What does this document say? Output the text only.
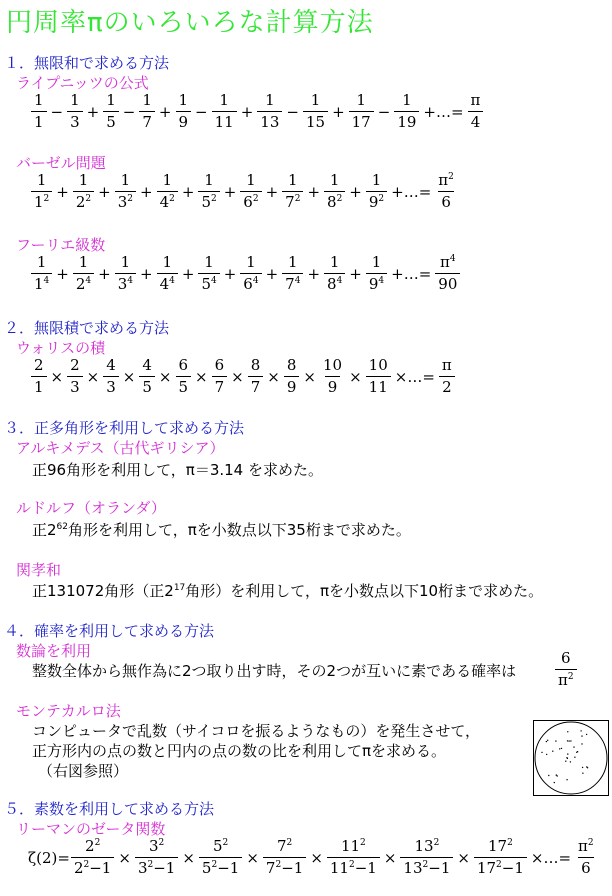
円周率πのいろいろな計算方法
１．無限和で求める方法
ライプニッツの公式
$\frac{1}{1} - \frac{1}{3} + \frac{1}{5} - \frac{1}{7} + \frac{1}{9} - \frac{1}{11} + \frac{1}{13} - \frac{1}{15} + \frac{1}{17} - \frac{1}{19}$ +…= $\frac{\pi}{4}$
バーゼル問題
$\frac{1}{1^2} + \frac{1}{2^2} + \frac{1}{3^2} + \frac{1}{4^2} + \frac{1}{5^2} + \frac{1}{6^2} + \frac{1}{7^2} + \frac{1}{8^2} + \frac{1}{9^2}$ +…= $\frac{\pi^2}{6}$
フーリエ級数
$\frac{1}{1^4} + \frac{1}{2^4} + \frac{1}{3^4} + \frac{1}{4^4} + \frac{1}{5^4} + \frac{1}{6^4} + \frac{1}{7^4} + \frac{1}{8^4} + \frac{1}{9^4}$ +…= $\frac{\pi^4}{90}$
２．無限積で求める方法
ウォリスの積
$\frac{2}{1} \times \frac{2}{3} \times \frac{4}{3} \times \frac{4}{5} \times \frac{6}{5} \times \frac{6}{7} \times \frac{8}{7} \times \frac{8}{9} \times \frac{10}{9} \times \frac{10}{11}$ ×…= $\frac{\pi}{2}$
３．正多角形を利用して求める方法
アルキメデス（古代ギリシア）
正96角形を利用して，π＝3.14 を求めた。
ルドルフ（オランダ）
正$2^{62}$角形を利用して，πを小数点以下35桁まで求めた。
関孝和
正131072角形（正$2^{17}$角形）を利用して，πを小数点以下10桁まで求めた。
４．確率を利用して求める方法
数論を利用
整数全体から無作為に2つ取り出す時，その2つが互いに素である確率は	$\frac{6}{\pi^2}$
モンテカルロ法
コンピュータで乱数（サイコロを振るようなもの）を発生させて，
正方形内の点の数と円内の点の数の比を利用してπを求める。
（右図参照）
５．素数を利用して求める方法
リーマンのゼータ関数
$\zeta(2)= \frac{2^2}{2^2-1} \times \frac{3^2}{3^2-1} \times \frac{5^2}{5^2-1} \times \frac{7^2}{7^2-1} \times \frac{11^2}{11^2-1} \times \frac{13^2}{13^2-1} \times \frac{17^2}{17^2-1}$ ×…= $\frac{\pi^2}{6}$
